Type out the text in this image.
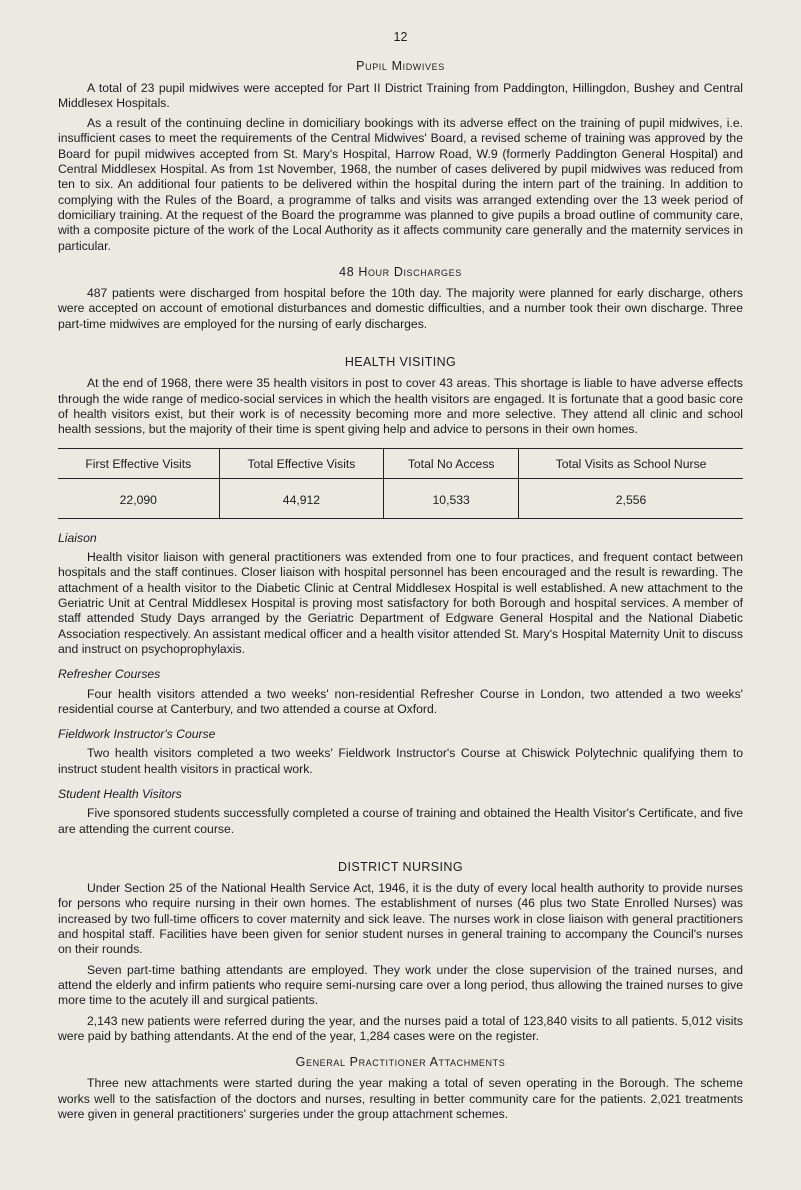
12
Pupil Midwives

A total of 23 pupil midwives were accepted for Part II District Training from Paddington, Hillingdon, Bushey and Central Middlesex Hospitals.

As a result of the continuing decline in domiciliary bookings with its adverse effect on the training of pupil midwives, i.e. insufficient cases to meet the requirements of the Central Midwives' Board, a revised scheme of training was approved by the Board for pupil midwives accepted from St. Mary's Hospital, Harrow Road, W.9 (formerly Paddington General Hospital) and Central Middlesex Hospital. As from 1st November, 1968, the number of cases delivered by pupil midwives was reduced from ten to six. An additional four patients to be delivered within the hospital during the intern part of the training. In addition to complying with the Rules of the Board, a programme of talks and visits was arranged extending over the 13 week period of domiciliary training. At the request of the Board the programme was planned to give pupils a broad outline of community care, with a composite picture of the work of the Local Authority as it affects community care generally and the maternity services in particular.

48 Hour Discharges

487 patients were discharged from hospital before the 10th day. The majority were planned for early discharge, others were accepted on account of emotional disturbances and domestic difficulties, and a number took their own discharge. Three part-time midwives are employed for the nursing of early discharges.

HEALTH VISITING

At the end of 1968, there were 35 health visitors in post to cover 43 areas. This shortage is liable to have adverse effects through the wide range of medico-social services in which the health visitors are engaged. It is fortunate that a good basic core of health visitors exist, but their work is of necessity becoming more and more selective. They attend all clinic and school health sessions, but the majority of their time is spent giving help and advice to persons in their own homes.

First Effective Visits	Total Effective Visits	Total No Access	Total Visits as School Nurse
22,090	44,912	10,533	2,556
Liaison

Health visitor liaison with general practitioners was extended from one to four practices, and frequent contact between hospitals and the staff continues. Closer liaison with hospital personnel has been encouraged and the result is rewarding. The attachment of a health visitor to the Diabetic Clinic at Central Middlesex Hospital is well established. A new attachment to the Geriatric Unit at Central Middlesex Hospital is proving most satisfactory for both Borough and hospital services. A member of staff attended Study Days arranged by the Geriatric Department of Edgware General Hospital and the National Diabetic Association respectively. An assistant medical officer and a health visitor attended St. Mary's Hospital Maternity Unit to discuss and instruct on psychoprophylaxis.

Refresher Courses

Four health visitors attended a two weeks' non-residential Refresher Course in London, two attended a two weeks' residential course at Canterbury, and two attended a course at Oxford.

Fieldwork Instructor's Course

Two health visitors completed a two weeks' Fieldwork Instructor's Course at Chiswick Polytechnic qualifying them to instruct student health visitors in practical work.

Student Health Visitors

Five sponsored students successfully completed a course of training and obtained the Health Visitor's Certificate, and five are attending the current course.

DISTRICT NURSING

Under Section 25 of the National Health Service Act, 1946, it is the duty of every local health authority to provide nurses for persons who require nursing in their own homes. The establishment of nurses (46 plus two State Enrolled Nurses) was increased by two full-time officers to cover maternity and sick leave. The nurses work in close liaison with general practitioners and hospital staff. Facilities have been given for senior student nurses in general training to accompany the Council's nurses on their rounds.

Seven part-time bathing attendants are employed. They work under the close supervision of the trained nurses, and attend the elderly and infirm patients who require semi-nursing care over a long period, thus allowing the trained nurses to give more time to the acutely ill and surgical patients.

2,143 new patients were referred during the year, and the nurses paid a total of 123,840 visits to all patients. 5,012 visits were paid by bathing attendants. At the end of the year, 1,284 cases were on the register.

General Practitioner Attachments

Three new attachments were started during the year making a total of seven operating in the Borough. The scheme works well to the satisfaction of the doctors and nurses, resulting in better community care for the patients. 2,021 treatments were given in general practitioners' surgeries under the group attachment schemes.
